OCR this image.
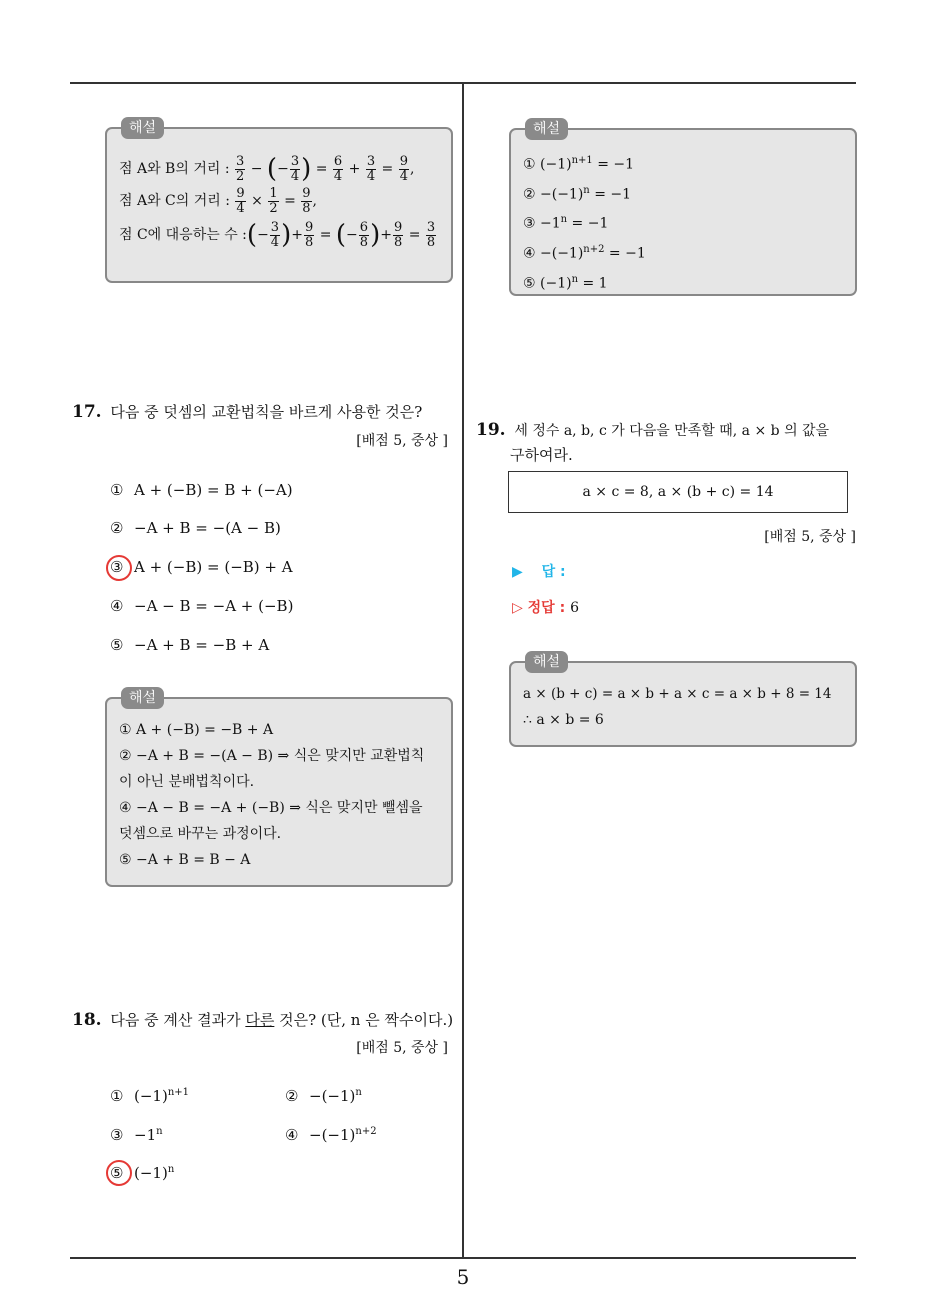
해설
점 A와 B의 거리 : $\frac{3}{2}$ − (− $\frac{3}{4}$ ) = $\frac{6}{4} + \frac{3}{4} = \frac{9}{4}$ ,
점 A와 C의 거리 : $\frac{9}{4} \times \frac{1}{2} = \frac{9}{8}$ ,
점 C에 대응하는 수 :(− $\frac{3}{4}$ )+ $\frac{9}{8}$ = (− $\frac{6}{8}$ )+ $\frac{9}{8} = \frac{3}{8}$
17. 다음 중 덧셈의 교환법칙을 바르게 사용한 것은?
[배점 5, 중상 ]
① A + (−B) = B + (−A)
② −A + B = −(A − B)
③ A + (−B) = (−B) + A
④ −A − B = −A + (−B)
⑤ −A + B = −B + A
해설
① A + (−B) = −B + A
② −A + B = −(A − B) ⇒ 식은 맞지만 교환법칙
이 아닌 분배법칙이다.
④ −A − B = −A + (−B) ⇒ 식은 맞지만 뺄셈을
덧셈으로 바꾸는 과정이다.
⑤ −A + B = B − A
18. 다음 중 계산 결과가 다른 것은? (단, n 은 짝수이다.)
[배점 5, 중상 ]
① $(-1)^{n+1}$	② $-(-1)^n$
③ $-1^n$	④ $-(-1)^{n+2}$
⑤ $(-1)^n$
해설
① $(-1)^{n+1} = -1$
② $-(-1)^n = -1$
③ $-1^n = -1$
④ $-(-1)^{n+2} = -1$
⑤ $(-1)^n = 1$
19. 세 정수 a, b, c 가 다음을 만족할 때, a × b 의 값을
구하여라.
a × c = 8, a × (b + c) = 14
[배점 5, 중상 ]
▶ 답 :
▷ 정답 : 6
해설
a × (b + c) = a × b + a × c = a × b + 8 = 14
∴ a × b = 6
5
